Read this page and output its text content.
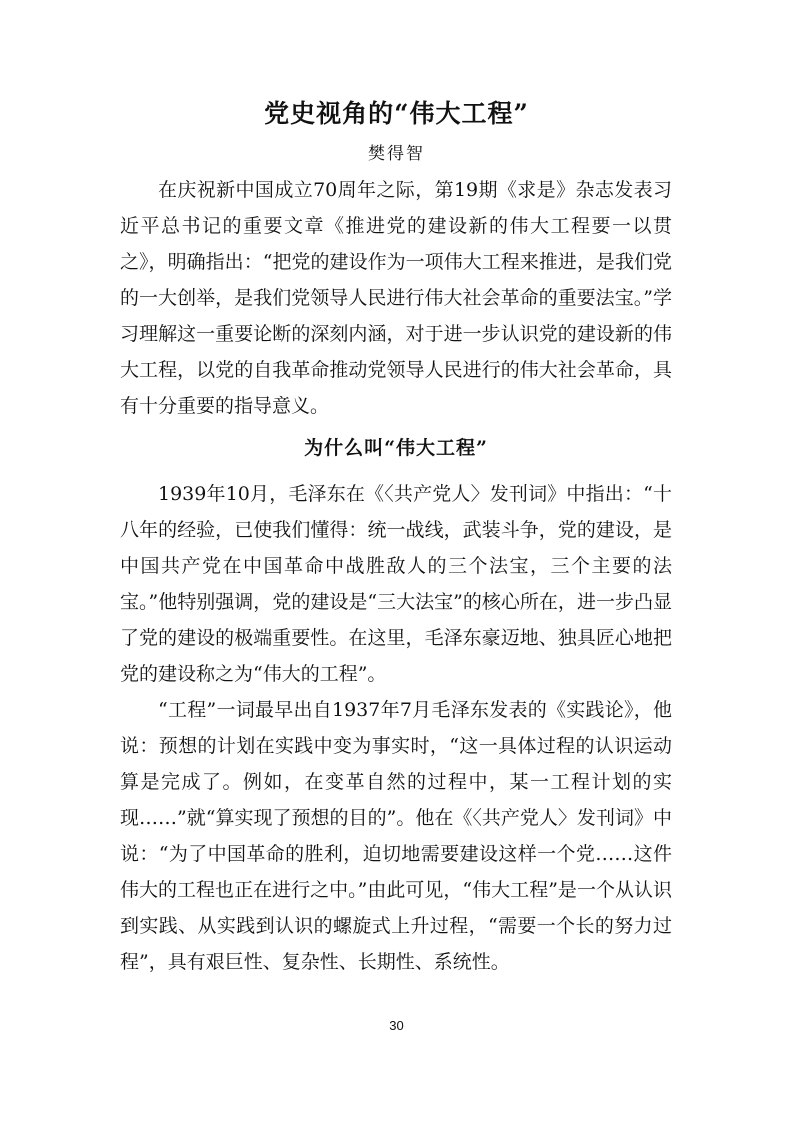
党史视角的“伟大工程”
樊得智

在庆祝新中国成立70周年之际，第19期《求是》杂志发表习近平总书记的重要文章《推进党的建设新的伟大工程要一以贯之》，明确指出：“把党的建设作为一项伟大工程来推进，是我们党的一大创举，是我们党领导人民进行伟大社会革命的重要法宝。”学习理解这一重要论断的深刻内涵，对于进一步认识党的建设新的伟大工程，以党的自我革命推动党领导人民进行的伟大社会革命，具有十分重要的指导意义。

为什么叫“伟大工程”

1939年10月，毛泽东在《〈共产党人〉发刊词》中指出：“十八年的经验，已使我们懂得：统一战线，武装斗争，党的建设，是中国共产党在中国革命中战胜敌人的三个法宝，三个主要的法宝。”他特别强调，党的建设是“三大法宝”的核心所在，进一步凸显了党的建设的极端重要性。在这里，毛泽东豪迈地、独具匠心地把党的建设称之为“伟大的工程”。

“工程”一词最早出自1937年7月毛泽东发表的《实践论》，他说：预想的计划在实践中变为事实时，“这一具体过程的认识运动算是完成了。例如，在变革自然的过程中，某一工程计划的实现……”就“算实现了预想的目的”。他在《〈共产党人〉发刊词》中说：“为了中国革命的胜利，迫切地需要建设这样一个党……这件伟大的工程也正在进行之中。”由此可见，“伟大工程”是一个从认识到实践、从实践到认识的螺旋式上升过程，“需要一个长的努力过程”，具有艰巨性、复杂性、长期性、系统性。

30
